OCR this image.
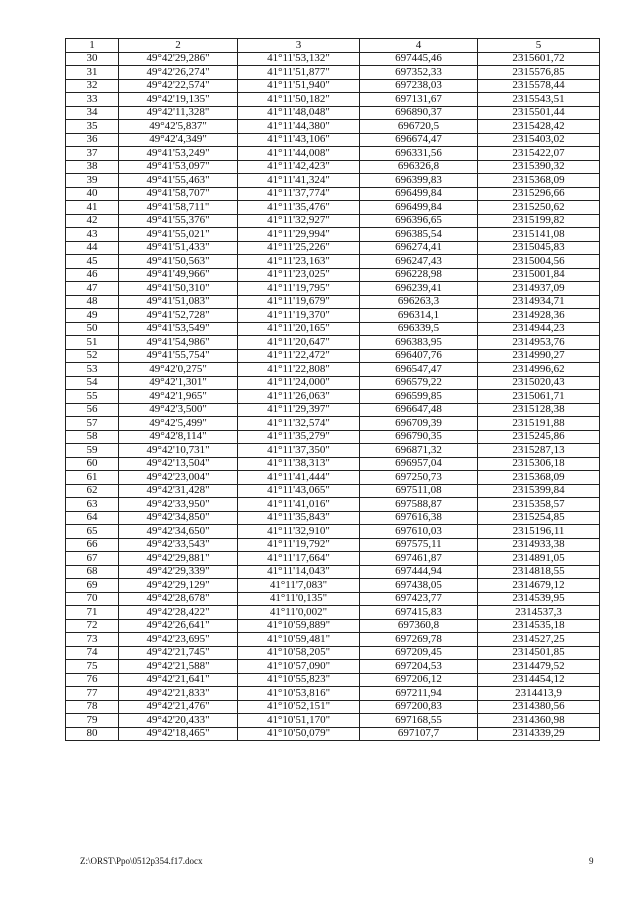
1	2	3	4	5
30	49°42'29,286"	41°11'53,132"	697445,46	2315601,72
31	49°42'26,274"	41°11'51,877"	697352,33	2315576,85
32	49°42'22,574"	41°11'51,940"	697238,03	2315578,44
33	49°42'19,135"	41°11'50,182"	697131,67	2315543,51
34	49°42'11,328"	41°11'48,048"	696890,37	2315501,44
35	49°42'5,837"	41°11'44,380"	696720,5	2315428,42
36	49°42'4,349"	41°11'43,106"	696674,47	2315403,02
37	49°41'53,249"	41°11'44,008"	696331,56	2315422,07
38	49°41'53,097"	41°11'42,423"	696326,8	2315390,32
39	49°41'55,463"	41°11'41,324"	696399,83	2315368,09
40	49°41'58,707"	41°11'37,774"	696499,84	2315296,66
41	49°41'58,711"	41°11'35,476"	696499,84	2315250,62
42	49°41'55,376"	41°11'32,927"	696396,65	2315199,82
43	49°41'55,021"	41°11'29,994"	696385,54	2315141,08
44	49°41'51,433"	41°11'25,226"	696274,41	2315045,83
45	49°41'50,563"	41°11'23,163"	696247,43	2315004,56
46	49°41'49,966"	41°11'23,025"	696228,98	2315001,84
47	49°41'50,310"	41°11'19,795"	696239,41	2314937,09
48	49°41'51,083"	41°11'19,679"	696263,3	2314934,71
49	49°41'52,728"	41°11'19,370"	696314,1	2314928,36
50	49°41'53,549"	41°11'20,165"	696339,5	2314944,23
51	49°41'54,986"	41°11'20,647"	696383,95	2314953,76
52	49°41'55,754"	41°11'22,472"	696407,76	2314990,27
53	49°42'0,275"	41°11'22,808"	696547,47	2314996,62
54	49°42'1,301"	41°11'24,000"	696579,22	2315020,43
55	49°42'1,965"	41°11'26,063"	696599,85	2315061,71
56	49°42'3,500"	41°11'29,397"	696647,48	2315128,38
57	49°42'5,499"	41°11'32,574"	696709,39	2315191,88
58	49°42'8,114"	41°11'35,279"	696790,35	2315245,86
59	49°42'10,731"	41°11'37,350"	696871,32	2315287,13
60	49°42'13,504"	41°11'38,313"	696957,04	2315306,18
61	49°42'23,004"	41°11'41,444"	697250,73	2315368,09
62	49°42'31,428"	41°11'43,065"	697511,08	2315399,84
63	49°42'33,950"	41°11'41,016"	697588,87	2315358,57
64	49°42'34,850"	41°11'35,843"	697616,38	2315254,85
65	49°42'34,650"	41°11'32,910"	697610,03	2315196,11
66	49°42'33,543"	41°11'19,792"	697575,11	2314933,38
67	49°42'29,881"	41°11'17,664"	697461,87	2314891,05
68	49°42'29,339"	41°11'14,043"	697444,94	2314818,55
69	49°42'29,129"	41°11'7,083"	697438,05	2314679,12
70	49°42'28,678"	41°11'0,135"	697423,77	2314539,95
71	49°42'28,422"	41°11'0,002"	697415,83	2314537,3
72	49°42'26,641"	41°10'59,889"	697360,8	2314535,18
73	49°42'23,695"	41°10'59,481"	697269,78	2314527,25
74	49°42'21,745"	41°10'58,205"	697209,45	2314501,85
75	49°42'21,588"	41°10'57,090"	697204,53	2314479,52
76	49°42'21,641"	41°10'55,823"	697206,12	2314454,12
77	49°42'21,833"	41°10'53,816"	697211,94	2314413,9
78	49°42'21,476"	41°10'52,151"	697200,83	2314380,56
79	49°42'20,433"	41°10'51,170"	697168,55	2314360,98
80	49°42'18,465"	41°10'50,079"	697107,7	2314339,29
Z:\ORST\Ppo\0512p354.f17.docx	9
